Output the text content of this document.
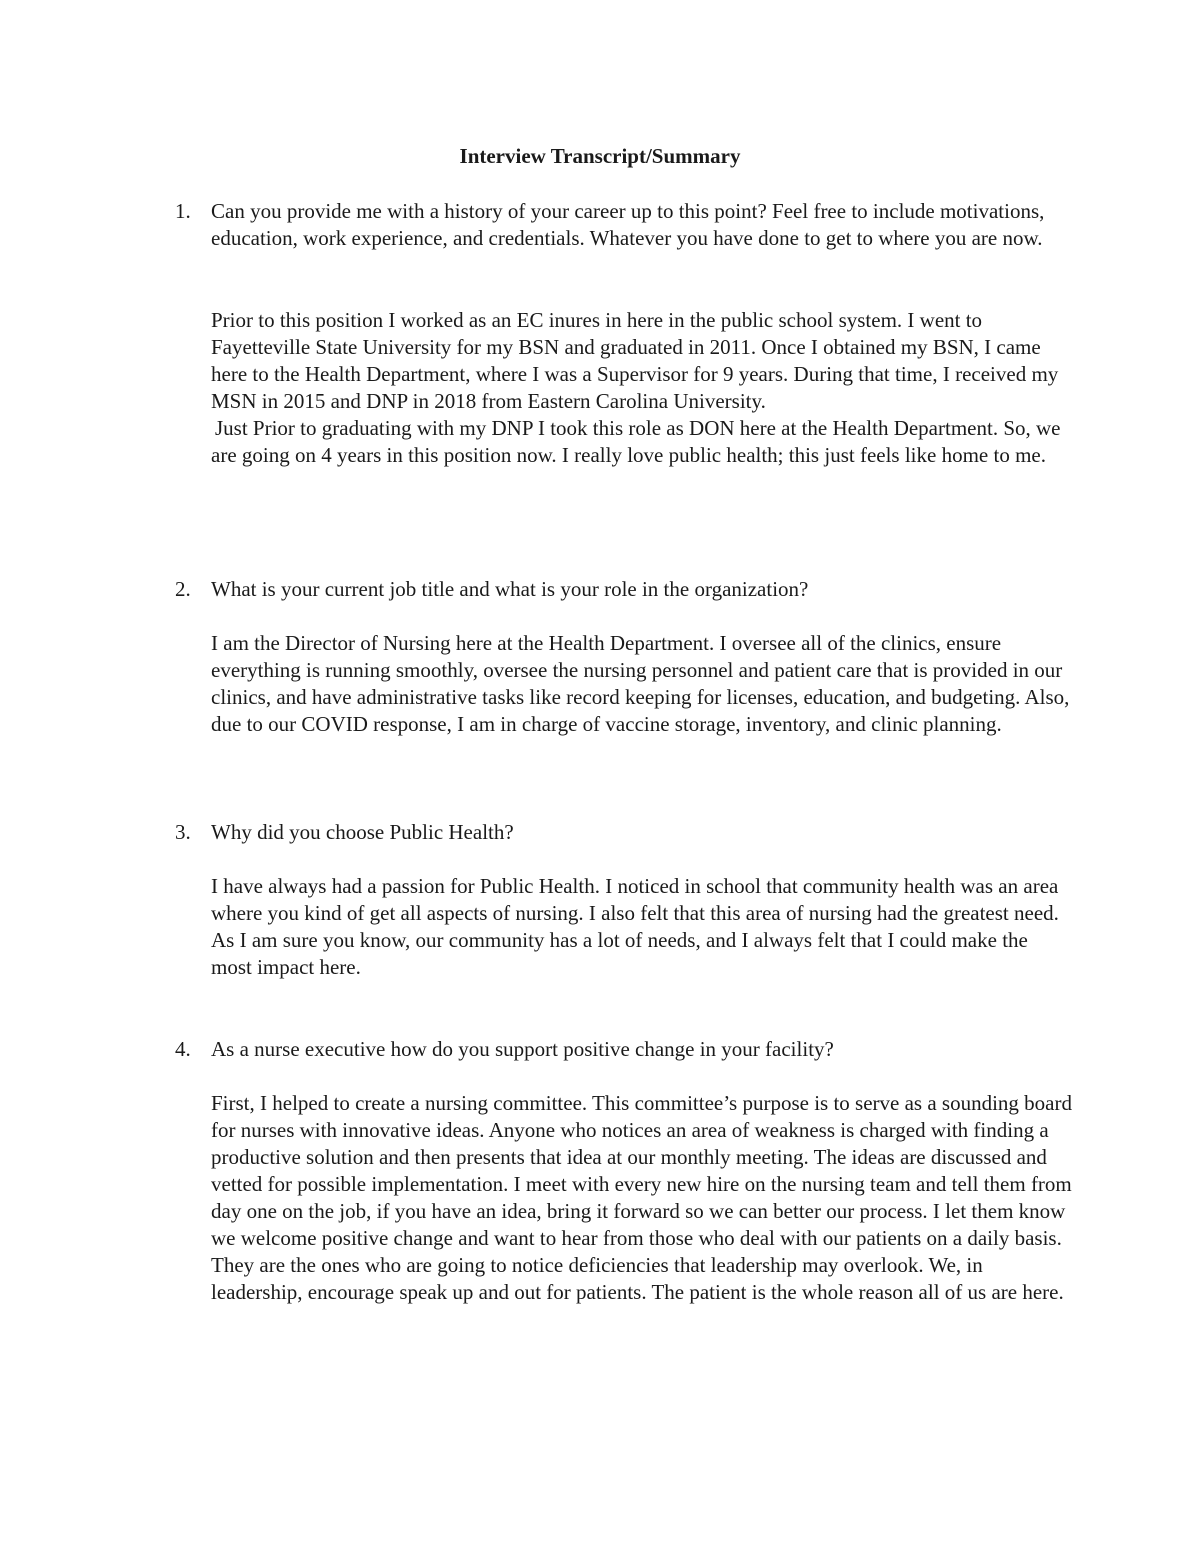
Interview Transcript/Summary
1. Can you provide me with a history of your career up to this point? Feel free to include motivations, education, work experience, and credentials. Whatever you have done to get to where you are now.

Prior to this position I worked as an EC inures in here in the public school system. I went to Fayetteville State University for my BSN and graduated in 2011. Once I obtained my BSN, I came here to the Health Department, where I was a Supervisor for 9 years. During that time, I received my MSN in 2015 and DNP in 2018 from Eastern Carolina University.

Just Prior to graduating with my DNP I took this role as DON here at the Health Department. So, we are going on 4 years in this position now. I really love public health; this just feels like home to me.

2. What is your current job title and what is your role in the organization?

I am the Director of Nursing here at the Health Department. I oversee all of the clinics, ensure everything is running smoothly, oversee the nursing personnel and patient care that is provided in our clinics, and have administrative tasks like record keeping for licenses, education, and budgeting. Also, due to our COVID response, I am in charge of vaccine storage, inventory, and clinic planning.

3. Why did you choose Public Health?

I have always had a passion for Public Health. I noticed in school that community health was an area where you kind of get all aspects of nursing. I also felt that this area of nursing had the greatest need. As I am sure you know, our community has a lot of needs, and I always felt that I could make the most impact here.

4. As a nurse executive how do you support positive change in your facility?

First, I helped to create a nursing committee. This committee’s purpose is to serve as a sounding board for nurses with innovative ideas. Anyone who notices an area of weakness is charged with finding a productive solution and then presents that idea at our monthly meeting. The ideas are discussed and vetted for possible implementation. I meet with every new hire on the nursing team and tell them from day one on the job, if you have an idea, bring it forward so we can better our process. I let them know we welcome positive change and want to hear from those who deal with our patients on a daily basis. They are the ones who are going to notice deficiencies that leadership may overlook. We, in leadership, encourage speak up and out for patients. The patient is the whole reason all of us are here.
